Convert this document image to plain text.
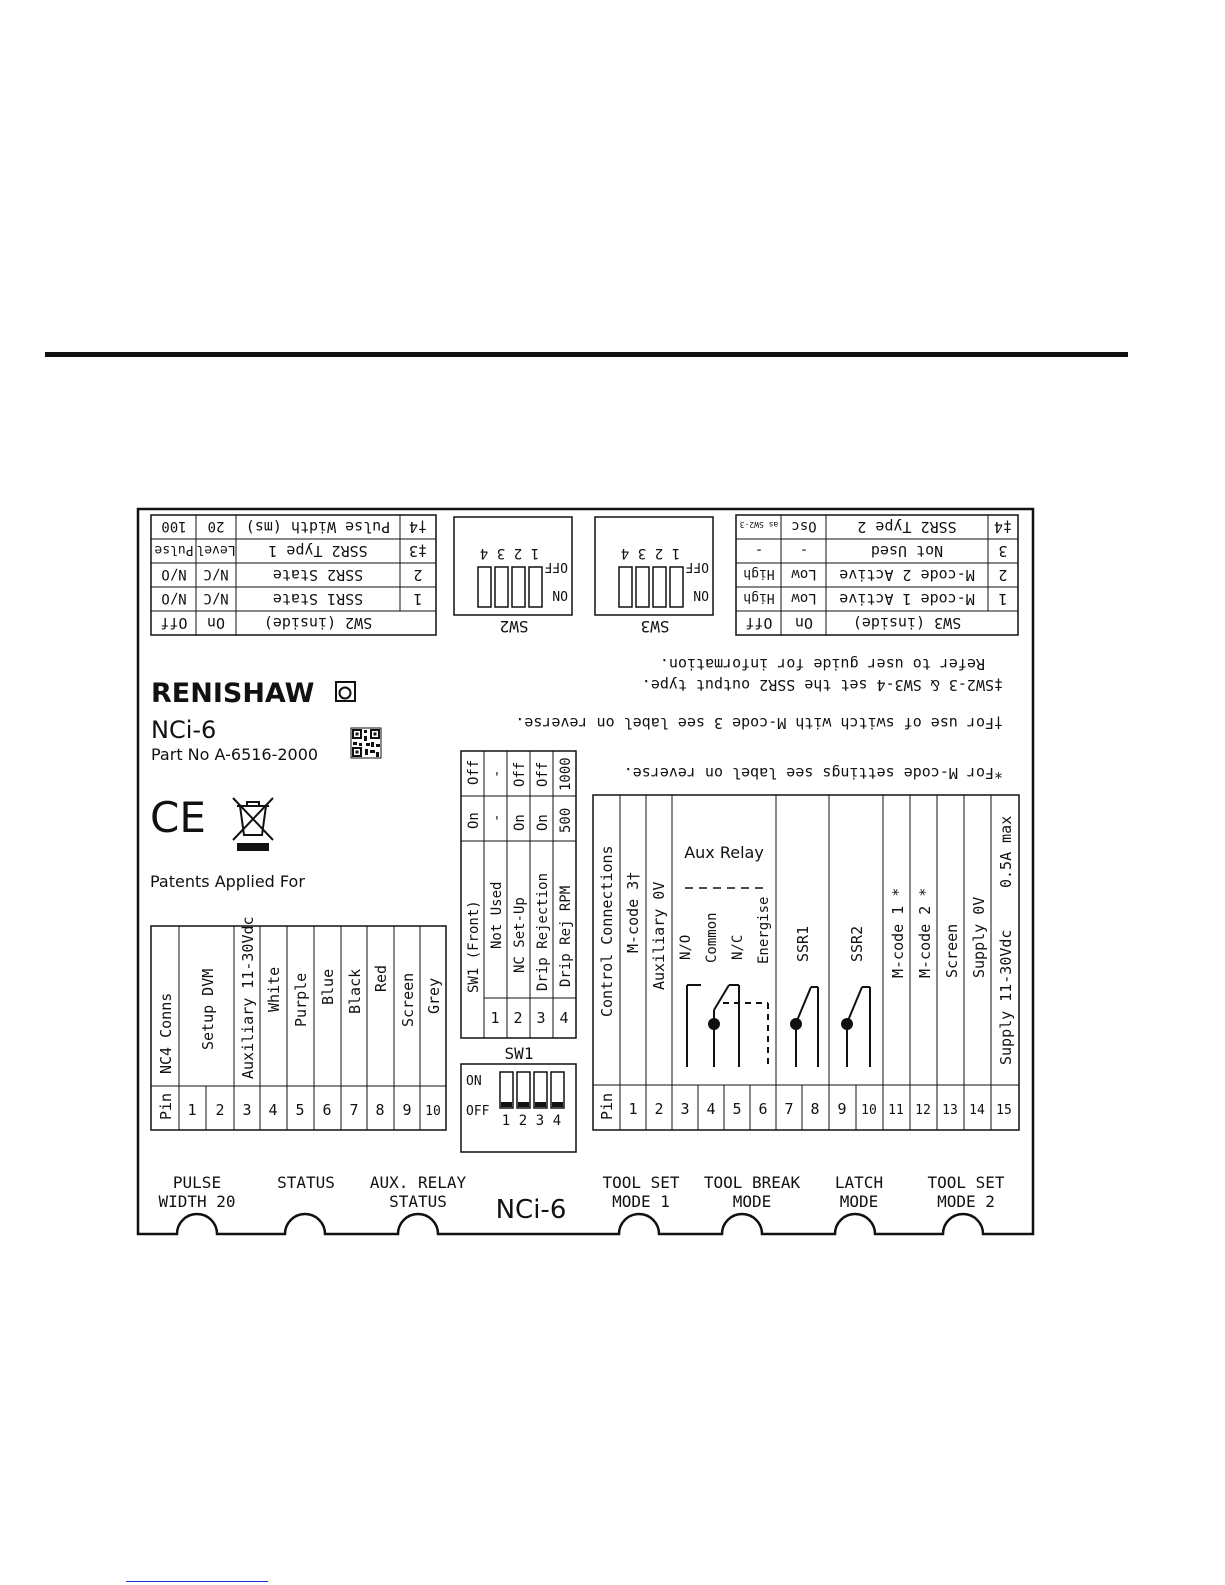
SW2 (inside)
On
Off
1
SSR1 State
N/C
N/O
2
SSR2 State
N/C
N/O
‡3
SSR2 Type 1
Level
Pulse
†4
Pulse Width (ms)
20
100
SW3 (inside)
On
Off
1
M-code 1 Active
Low
High
2
M-code 2 Active
Low
High
3
Not Used
-
-
‡4
SSR2 Type 2
Osc
as SW2-3
SW2
ON
OFF
1
2
3
4
SW3
ON
OFF
1
2
3
4
Refer to user guide for information.
‡SW2-3 & SW3-4 set the SSR2 output type.
†For use of switch with M-code 3 see label on reverse.
*For M-code settings see label on reverse.
RENISHAW
NCi-6
Part No A-6516-2000
CE
Patents Applied For
NC4 Conns
Pin
Setup DVM Auxiliary 11-30Vdc White Purple Blue Black Red Screen Grey
1 2 3 4 5 6 7 8 9 10
SW1 (Front)
On
Off
Not Used
-
-
1
NC Set-Up
On
Off
2
Drip Rejection
On
Off
3
Drip Rej RPM
500
1000
4
SW1
ON
OFF
1 2 3 4
Control Connections
Pin
M-code 3† Auxiliary 0V
Aux Relay
N/O Common N/C Energise SSR1 SSR2 M-code 1 * M-code 2 * Screen Supply 0V Supply 11-30Vdc
0.5A max
1 2 3 4 5 6 7 8 9 10 11 12 13 14 15
PULSE
WIDTH 20
STATUS AUX. RELAY
STATUS NCi-6
TOOL SET
MODE 1
TOOL BREAK
MODE
LATCH
MODE
TOOL SET
MODE 2
